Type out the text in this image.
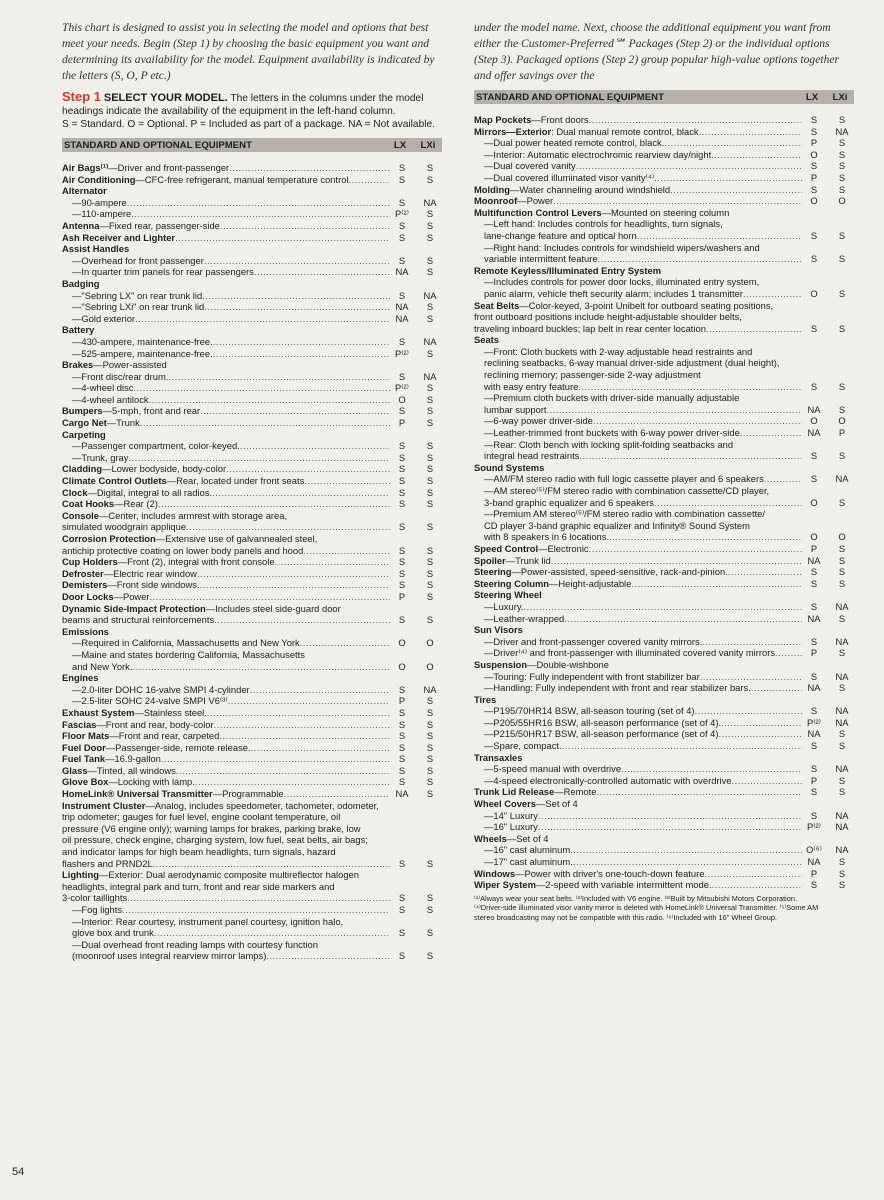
This chart is designed to assist you in selecting the model and options that best meet your needs. Begin (Step 1) by choosing the basic equipment you want and determining its availability for the model. Equipment availability is indicated by the letters (S, O, P etc.)

Step 1 SELECT YOUR MODEL. The letters in the columns under the model headings indicate the availability of the equipment in the left-hand column.
S = Standard. O = Optional. P = Included as part of a package. NA = Not available.
STANDARD AND OPTIONAL EQUIPMENT	LX	LXi
Air Bags⁽¹⁾—Driver and front-passenger .....	S	S
Air Conditioning—CFC-free refrigerant, manual temperature control .....	S	S
Alternator
—90-ampere .....	S	NA
—110-ampere .....	P⁽²⁾	S
Antenna—Fixed rear, passenger-side .....	S	S
Ash Receiver and Lighter .....	S	S
Assist Handles
—Overhead for front passenger .....	S	S
—In quarter trim panels for rear passengers .....	NA	S
Badging
—"Sebring LX" on rear trunk lid .....	S	NA
—"Sebring LXi" on rear trunk lid .....	NA	S
—Gold exterior .....	NA	S
Battery
—430-ampere, maintenance-free. .....	S	NA
—525-ampere, maintenance-free. .....	P⁽²⁾	S
Brakes—Power-assisted
—Front disc/rear drum. .....	S	NA
—4-wheel disc .....	P⁽²⁾	S
—4-wheel antilock .....	O	S
Bumpers—5-mph, front and rear .....	S	S
Cargo Net—Trunk .....	P	S
Carpeting
—Passenger compartment, color-keyed. .....	S	S
—Trunk, gray .....	S	S
Cladding—Lower bodyside, body-color .....	S	S
Climate Control Outlets—Rear, located under front seats .....	S	S
Clock—Digital, integral to all radios. .....	S	S
Coat Hooks—Rear (2) .....	S	S
Console—Center, includes armrest with storage area,
simulated woodgrain applique .....	S	S
Corrosion Protection—Extensive use of galvannealed steel,
antichip protective coating on lower body panels and hood .....	S	S
Cup Holders—Front (2), integral with front console .....	S	S
Defroster—Electric rear window .....	S	S
Demisters—Front side windows. .....	S	S
Door Locks—Power .....	P	S
Dynamic Side-Impact Protection—Includes steel side-guard door
beams and structural reinforcements .....	S	S
Emissions
—Required in California, Massachusetts and New York .....	O	O
—Maine and states bordering California, Massachusetts
and New York. .....	O	O
Engines
—2.0-liter DOHC 16-valve SMPI 4-cylinder .....	S	NA
—2.5-liter SOHC 24-valve SMPI V6⁽³⁾ .....	P	S
Exhaust System—Stainless steel. .....	S	S
Fascias—Front and rear, body-color .....	S	S
Floor Mats—Front and rear, carpeted .....	S	S
Fuel Door—Passenger-side, remote release. .....	S	S
Fuel Tank—16.9-gallon .....	S	S
Glass—Tinted, all windows .....	S	S
Glove Box—Locking with lamp. .....	S	S
HomeLink® Universal Transmitter—Programmable .....	NA	S
Instrument Cluster—Analog, includes speedometer, tachometer, odometer,
trip odometer; gauges for fuel level, engine coolant temperature, oil
pressure (V6 engine only); warning lamps for brakes, parking brake, low
oil pressure, check engine, charging system, low fuel, seat belts, air bags;
and indicator lamps for high beam headlights, turn signals, hazard
flashers and PRND2L .....	S	S
Lighting—Exterior: Dual aerodynamic composite multireflector halogen
headlights, integral park and turn, front and rear side markers and
3-color taillights .....	S	S
—Fog lights .....	S	S
—Interior: Rear courtesy, instrument panel courtesy, ignition halo,
glove box and trunk .....	S	S
—Dual overhead front reading lamps with courtesy function
(moonroof uses integral rearview mirror lamps) .....	S	S

under the model name. Next, choose the additional equipment you want from either the Customer-Preferred℠ Packages (Step 2) or the individual options (Step 3). Packaged options (Step 2) group popular high-value options together and offer savings over the

STANDARD AND OPTIONAL EQUIPMENT	LX	LXi
Map Pockets—Front doors .....	S	S
Mirrors—Exterior: Dual manual remote control, black .....	S	NA
—Dual power heated remote control, black. .....	P	S
—Interior: Automatic electrochromic rearview day/night .....	O	S
—Dual covered vanity .....	S	S
—Dual covered illuminated visor vanity⁽⁴⁾ .....	P	S
Molding—Water channeling around windshield .....	S	S
Moonroof—Power .....	O	O
Multifunction Control Levers—Mounted on steering column
—Left hand: Includes controls for headlights, turn signals,
lane-change feature and optical horn .....	S	S
—Right hand: Includes controls for windshield wipers/washers and
variable intermittent feature .....	S	S
Remote Keyless/Illuminated Entry System
—Includes controls for power door locks, illuminated entry system,
panic alarm, vehicle theft security alarm; includes 1 transmitter .....	O	S
Seat Belts—Color-keyed, 3-point Unibelt for outboard seating positions,
front outboard positions include height-adjustable shoulder belts,
traveling inboard buckles; lap belt in rear center location .....	S	S
Seats
—Front: Cloth buckets with 2-way adjustable head restraints and
reclining seatbacks, 6-way manual driver-side adjustment (dual height),
reclining memory; passenger-side 2-way adjustment
with easy entry feature .....	S	S
—Premium cloth buckets with driver-side manually adjustable
lumbar support .....	NA	S
—6-way power driver-side .....	O	O
—Leather-trimmed front buckets with 6-way power driver-side .....	NA	P
—Rear: Cloth bench with locking split-folding seatbacks and
integral head restraints .....	S	S
Sound Systems
—AM/FM stereo radio with full logic cassette player and 6 speakers .....	S	NA
—AM stereo⁽⁵⁾/FM stereo radio with combination cassette/CD player,
3-band graphic equalizer and 6 speakers .....	O	S
—Premium AM stereo⁽⁵⁾/FM stereo radio with combination cassette/
CD player 3-band graphic equalizer and Infinity® Sound System
with 8 speakers in 6 locations. .....	O	O
Speed Control—Electronic .....	P	S
Spoiler—Trunk lid .....	NA	S
Steering—Power-assisted, speed-sensitive, rack-and-pinion. .....	S	S
Steering Column—Height-adjustable .....	S	S
Steering Wheel
—Luxury. .....	S	NA
—Leather-wrapped .....	NA	S
Sun Visors
—Driver and front-passenger covered vanity mirrors. .....	S	NA
—Driver⁽⁴⁾ and front-passenger with illuminated covered vanity mirrors .....	P	S
Suspension—Double-wishbone
—Touring: Fully independent with front stabilizer bar .....	S	NA
—Handling: Fully independent with front and rear stabilizer bars. .....	NA	S
Tires
—P195/70HR14 BSW, all-season touring (set of 4) .....	S	NA
—P205/55HR16 BSW, all-season performance (set of 4). .....	P⁽²⁾	NA
—P215/50HR17 BSW, all-season performance (set of 4) .....	NA	S
—Spare, compact. .....	S	S
Transaxles
—5-speed manual with overdrive .....	S	NA
—4-speed electronically-controlled automatic with overdrive .....	P	S
Trunk Lid Release—Remote .....	S	S
Wheel Covers—Set of 4
—14" Luxury .....	S	NA
—16" Luxury .....	P⁽²⁾	NA
Wheels—Set of 4
—16" cast aluminum .....	O⁽⁶⁾	NA
—17" cast aluminum. .....	NA	S
Windows—Power with driver's one-touch-down feature .....	P	S
Wiper System—2-speed with variable intermittent mode. .....	S	S
⁽¹⁾Always wear your seat belts. ⁽²⁾Included with V6 engine. ⁽³⁾Built by Mitsubishi Motors Corporation.
⁽⁴⁾Driver-side illuminated visor vanity mirror is deleted with HomeLink® Universal Transmitter. ⁽⁵⁾Some AM
stereo broadcasting may not be compatible with this radio. ⁽⁶⁾Included with 16" Wheel Group.
54
